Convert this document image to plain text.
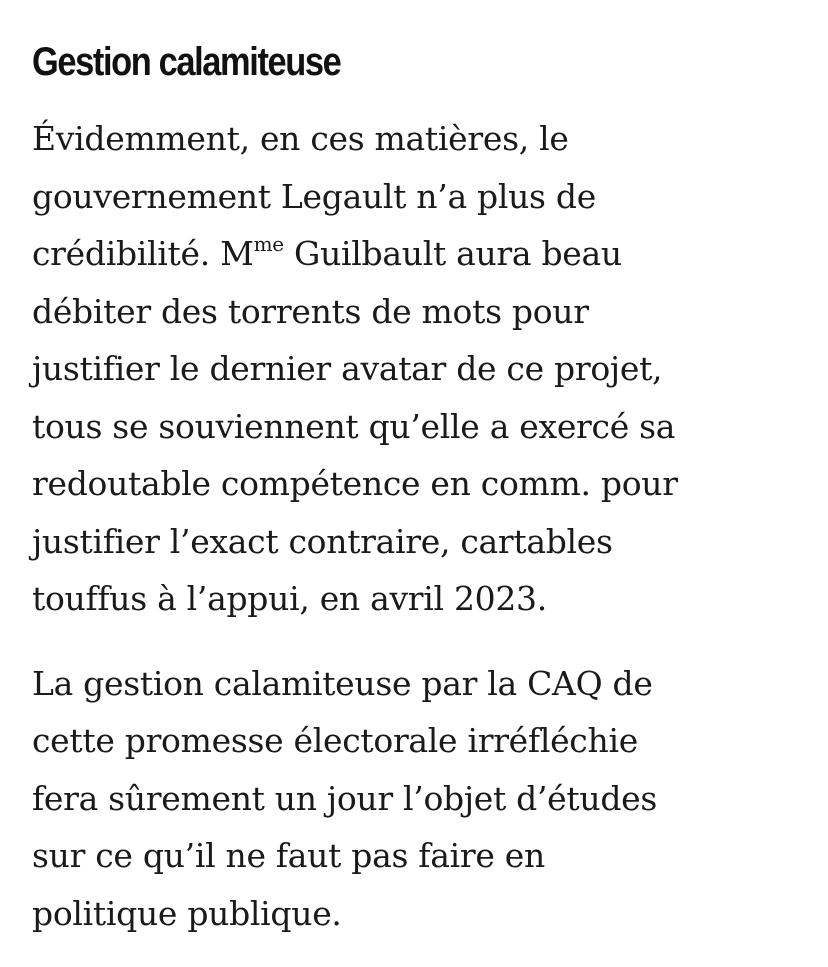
Gestion calamiteuse

Évidemment, en ces matières, le
gouvernement Legault n’a plus de
crédibilité. $M^{me}$ Guilbault aura beau
débiter des torrents de mots pour
justifier le dernier avatar de ce projet,
tous se souviennent qu’elle a exercé sa
redoutable compétence en comm. pour
justifier l’exact contraire, cartables
touffus à l’appui, en avril 2023.

La gestion calamiteuse par la CAQ de
cette promesse électorale irréfléchie
fera sûrement un jour l’objet d’études
sur ce qu’il ne faut pas faire en
politique publique.
